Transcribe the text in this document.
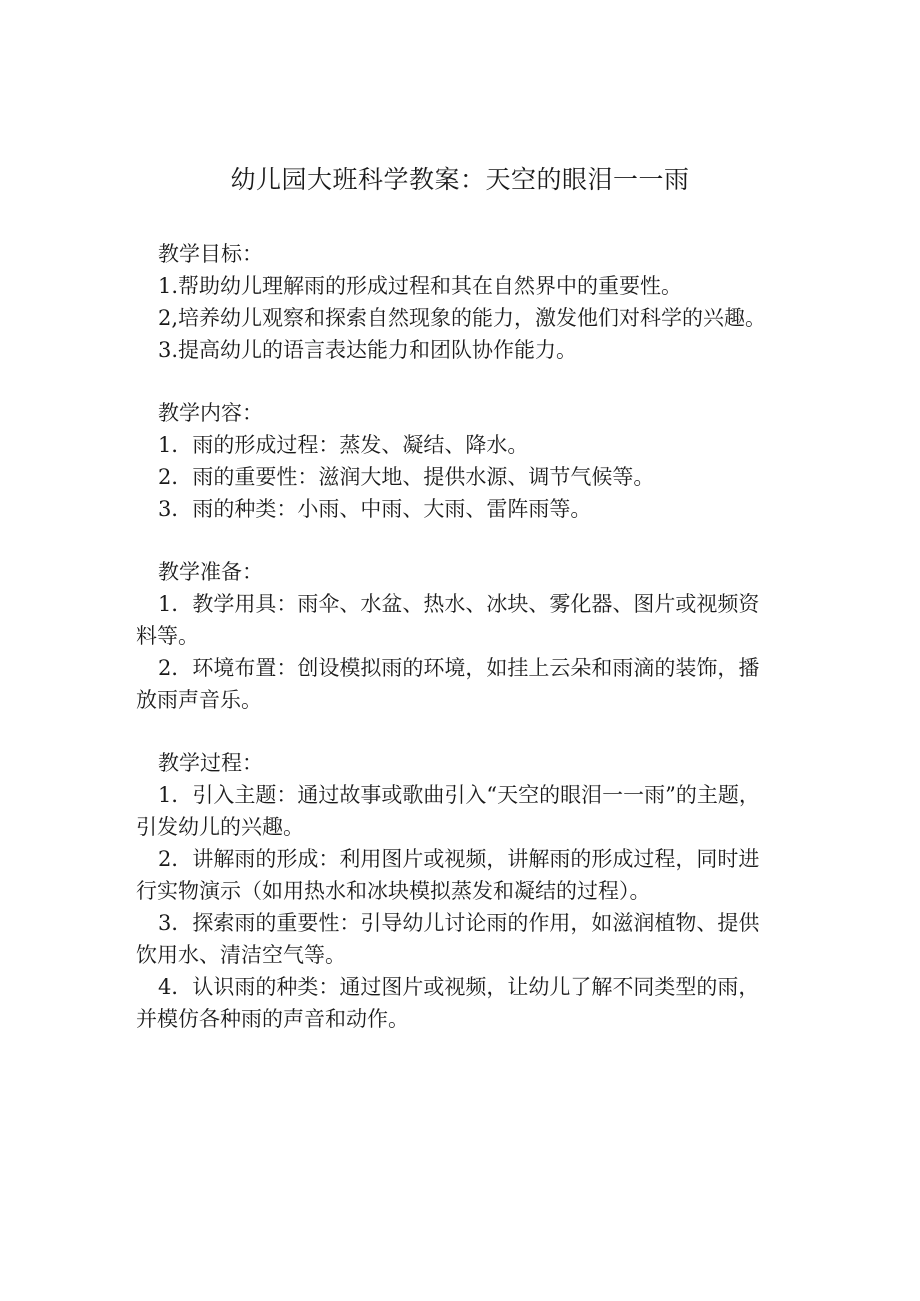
幼儿园大班科学教案：天空的眼泪一一雨
教学目标：
1.帮助幼儿理解雨的形成过程和其在自然界中的重要性。
2,培养幼儿观察和探索自然现象的能力，激发他们对科学的兴趣。
3.提高幼儿的语言表达能力和团队协作能力。
教学内容：
1．雨的形成过程：蒸发、凝结、降水。
2．雨的重要性：滋润大地、提供水源、调节气候等。
3．雨的种类：小雨、中雨、大雨、雷阵雨等。
教学准备：
1．教学用具：雨伞、水盆、热水、冰块、雾化器、图片或视频资料等。
2．环境布置：创设模拟雨的环境，如挂上云朵和雨滴的装饰，播放雨声音乐。
教学过程：
1．引入主题：通过故事或歌曲引入“天空的眼泪一一雨”的主题，引发幼儿的兴趣。
2．讲解雨的形成：利用图片或视频，讲解雨的形成过程，同时进行实物演示（如用热水和冰块模拟蒸发和凝结的过程）。
3．探索雨的重要性：引导幼儿讨论雨的作用，如滋润植物、提供饮用水、清洁空气等。
4．认识雨的种类：通过图片或视频，让幼儿了解不同类型的雨，并模仿各种雨的声音和动作。
